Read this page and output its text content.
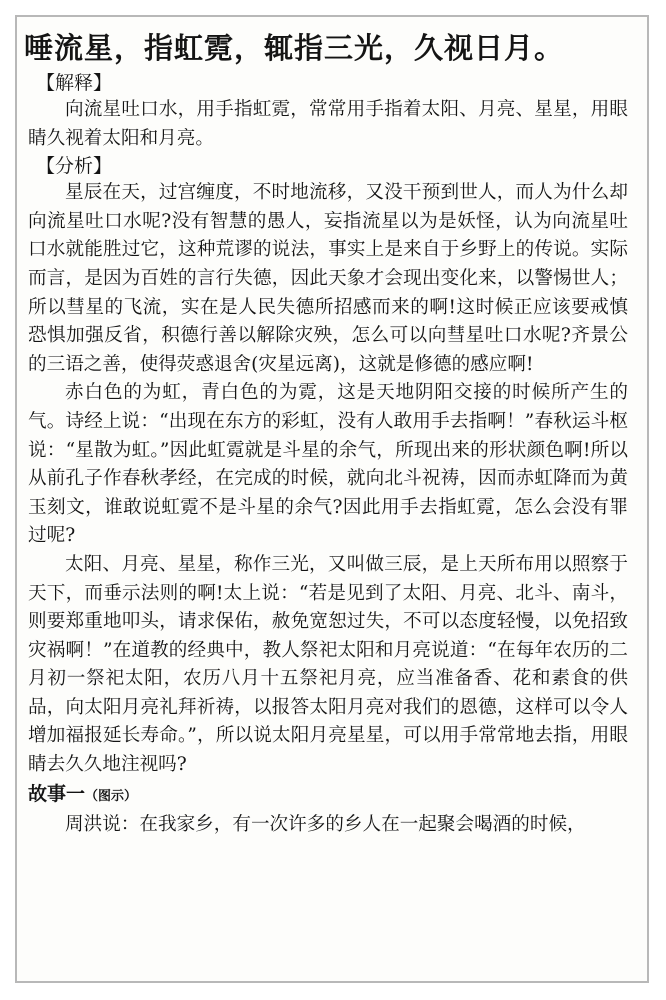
唾流星，指虹霓，辄指三光，久视日月。
【解释】

向流星吐口水，用手指虹霓，常常用手指着太阳、月亮、星星，用眼睛久视着太阳和月亮。

【分析】

星辰在天，过宫缠度，不时地流移，又没干预到世人，而人为什么却向流星吐口水呢?没有智慧的愚人，妄指流星以为是妖怪，认为向流星吐口水就能胜过它，这种荒谬的说法，事实上是来自于乡野上的传说。实际而言，是因为百姓的言行失德，因此天象才会现出变化来，以警惕世人；所以彗星的飞流，实在是人民失德所招感而来的啊!这时候正应该要戒慎恐惧加强反省，积德行善以解除灾殃，怎么可以向彗星吐口水呢?齐景公的三语之善，使得荧惑退舍(灾星远离)，这就是修德的感应啊!

赤白色的为虹，青白色的为霓，这是天地阴阳交接的时候所产生的气。诗经上说：“出现在东方的彩虹，没有人敢用手去指啊！”春秋运斗枢说：“星散为虹。”因此虹霓就是斗星的余气，所现出来的形状颜色啊!所以从前孔子作春秋孝经，在完成的时候，就向北斗祝祷，因而赤虹降而为黄玉刻文，谁敢说虹霓不是斗星的余气?因此用手去指虹霓，怎么会没有罪过呢?

太阳、月亮、星星，称作三光，又叫做三辰，是上天所布用以照察于天下，而垂示法则的啊!太上说：“若是见到了太阳、月亮、北斗、南斗，则要郑重地叩头，请求保佑，赦免宽恕过失，不可以态度轻慢，以免招致灾祸啊！”在道教的经典中，教人祭祀太阳和月亮说道：“在每年农历的二月初一祭祀太阳，农历八月十五祭祀月亮，应当准备香、花和素食的供品，向太阳月亮礼拜祈祷，以报答太阳月亮对我们的恩德，这样可以令人增加福报延长寿命。”，所以说太阳月亮星星，可以用手常常地去指，用眼睛去久久地注视吗?

故事一（图示）

周洪说：在我家乡，有一次许多的乡人在一起聚会喝酒的时候，
